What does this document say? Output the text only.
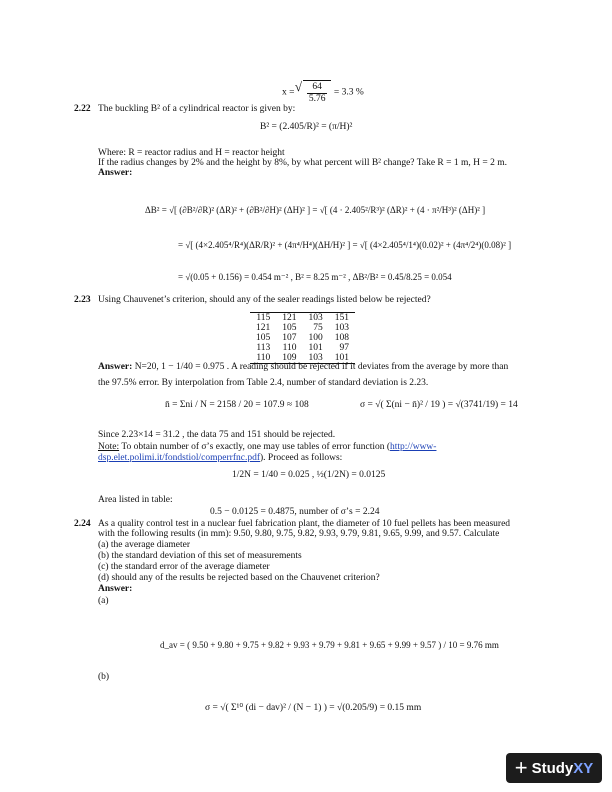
x = √ $\frac{64}{5.76} = 3.3$ %
2.22 The buckling B² of a cylindrical reactor is given by:
B² = (2.405/R)² = (π/H)²
Where: R = reactor radius and H = reactor height
If the radius changes by 2% and the height by 8%, by what percent will B² change? Take R = 1 m, H = 2 m.
Answer:
ΔB² = √[ (∂B²/∂R)² (ΔR)² + (∂B²/∂H)² (ΔH)² ] = √[ (4 · 2.405²/R³)² (ΔR)² + (4 · π²/H³)² (ΔH)² ]
= √[ (4×2.405⁴/R⁴)(ΔR/R)² + (4π⁴/H⁴)(ΔH/H)² ] = √[ (4×2.405⁴/1⁴)(0.02)² + (4π⁴/2⁴)(0.08)² ]
= √(0.05 + 0.156) = 0.454 m⁻² , B² = 8.25 m⁻² , ΔB²/B² = 0.45/8.25 = 0.054
2.23 Using Chauvenet’s criterion, should any of the sealer readings listed below be rejected?
115	121	103	151
121	105	75	103
105	107	100	108
113	110	101	97
110	109	103	101
Answer: N=20, 1 − 1/40 = 0.975 . A reading should be rejected if it deviates from the average by more than
the 97.5% error. By interpolation from Table 2.4, number of standard deviation is 2.23.
n̄ = Σni / N = 2158 / 20 = 107.9 ≈ 108	σ = √( Σ(ni − n̄)² / 19 ) = √(3741/19) = 14
Since 2.23×14 = 31.2 , the data 75 and 151 should be rejected.
Note: To obtain number of σ’s exactly, one may use tables of error function (http://www-
dsp.elet.polimi.it/fondstiol/comperrfnc.pdf). Proceed as follows:
1/2N = 1/40 = 0.025 , ½(1/2N) = 0.0125
Area listed in table:
0.5 − 0.0125 = 0.4875, number of σ’s = 2.24
2.24 As a quality control test in a nuclear fuel fabrication plant, the diameter of 10 fuel pellets has been measured
with the following results (in mm): 9.50, 9.80, 9.75, 9.82, 9.93, 9.79, 9.81, 9.65, 9.99, and 9.57. Calculate
(a) the average diameter
(b) the standard deviation of this set of measurements
(c) the standard error of the average diameter
(d) should any of the results be rejected based on the Chauvenet criterion?
Answer:
(a)
d_av = ( 9.50 + 9.80 + 9.75 + 9.82 + 9.93 + 9.79 + 9.81 + 9.65 + 9.99 + 9.57 ) / 10 = 9.76 mm
(b)
σ = √( Σ¹⁰ (di − dav)² / (N − 1) ) = √(0.205/9) = 0.15 mm
+ Study XY
